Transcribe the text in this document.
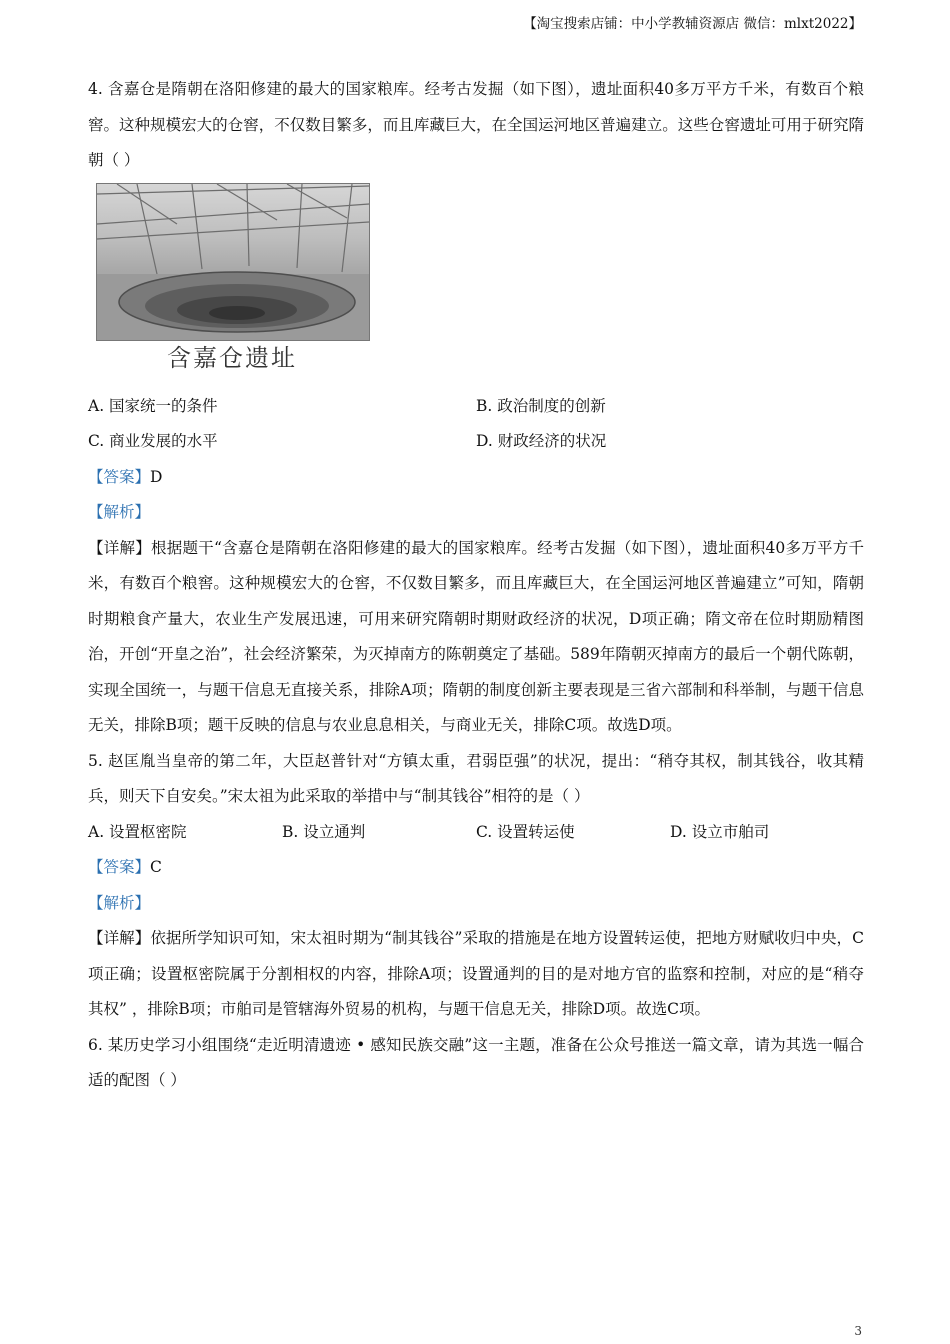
【淘宝搜索店铺：中小学教辅资源店 微信：mlxt2022】

4. 含嘉仓是隋朝在洛阳修建的最大的国家粮库。经考古发掘（如下图），遗址面积40多万平方千米，有数百个粮窖。这种规模宏大的仓窖，不仅数目繁多，而且库藏巨大，在全国运河地区普遍建立。这些仓窖遗址可用于研究隋朝（ ）

含嘉仓遗址
A. 国家统一的条件	B. 政治制度的创新
C. 商业发展的水平	D. 财政经济的状况

【答案】D

【解析】

【详解】根据题干“含嘉仓是隋朝在洛阳修建的最大的国家粮库。经考古发掘（如下图），遗址面积40多万平方千米，有数百个粮窖。这种规模宏大的仓窖，不仅数目繁多，而且库藏巨大，在全国运河地区普遍建立”可知，隋朝时期粮食产量大，农业生产发展迅速，可用来研究隋朝时期财政经济的状况，D项正确；隋文帝在位时期励精图治，开创“开皇之治”，社会经济繁荣，为灭掉南方的陈朝奠定了基础。589年隋朝灭掉南方的最后一个朝代陈朝，实现全国统一，与题干信息无直接关系，排除A项；隋朝的制度创新主要表现是三省六部制和科举制，与题干信息无关，排除B项；题干反映的信息与农业息息相关，与商业无关，排除C项。故选D项。

5. 赵匡胤当皇帝的第二年，大臣赵普针对“方镇太重，君弱臣强”的状况，提出：“稍夺其权，制其钱谷，收其精兵，则天下自安矣。”宋太祖为此采取的举措中与“制其钱谷”相符的是（ ）

A. 设置枢密院	B. 设立通判	C. 设置转运使	D. 设立市舶司

【答案】C

【解析】

【详解】依据所学知识可知，宋太祖时期为“制其钱谷”采取的措施是在地方设置转运使，把地方财赋收归中央，C项正确；设置枢密院属于分割相权的内容，排除A项；设置通判的目的是对地方官的监察和控制，对应的是“稍夺其权” ，排除B项；市舶司是管辖海外贸易的机构，与题干信息无关，排除D项。故选C项。

6. 某历史学习小组围绕“走近明清遗迹 • 感知民族交融”这一主题，准备在公众号推送一篇文章，请为其选一幅合适的配图（ ）

3
